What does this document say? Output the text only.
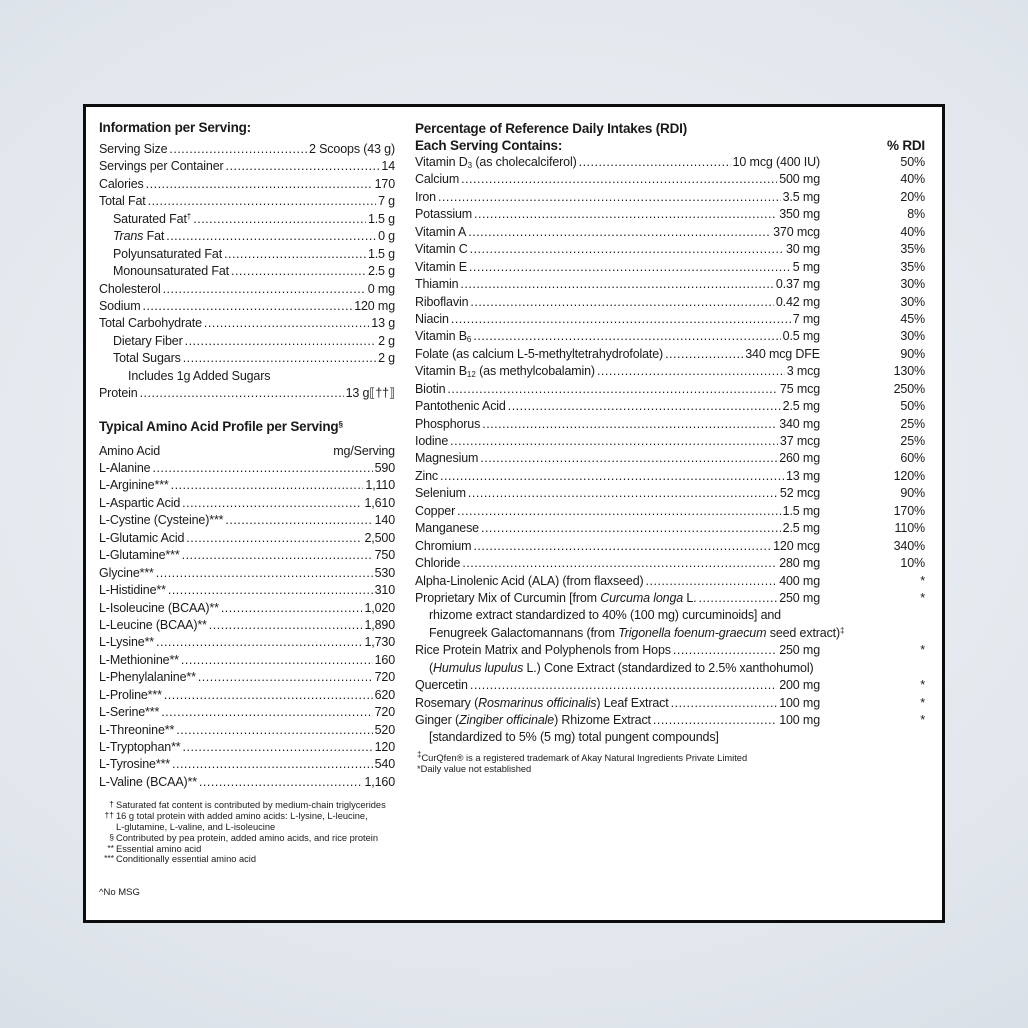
Information per Serving:
Serving Size .....	2 Scoops (43 g)
Servings per Container .....	14
Calories .....	170
Total Fat .....	7 g
Saturated Fat† .....	1.5 g
Trans Fat .....	0 g
Polyunsaturated Fat .....	1.5 g
Monounsaturated Fat .....	2.5 g
Cholesterol .....	0 mg
Sodium .....	120 mg
Total Carbohydrate .....	13 g
Dietary Fiber .....	2 g
Total Sugars .....	2 g
Includes 1g Added Sugars
Protein .....	13 g⟦††⟧
Typical Amino Acid Profile per Serving§
Amino Acid	mg/Serving
L-Alanine .....	590
L-Arginine*** .....	1,110
L-Aspartic Acid .....	1,610
L-Cystine (Cysteine)*** .....	140
L-Glutamic Acid .....	2,500
L-Glutamine*** .....	750
Glycine*** .....	530
L-Histidine** .....	310
L-Isoleucine (BCAA)** .....	1,020
L-Leucine (BCAA)** .....	1,890
L-Lysine** .....	1,730
L-Methionine** .....	160
L-Phenylalanine** .....	720
L-Proline*** .....	620
L-Serine*** .....	720
L-Threonine** .....	520
L-Tryptophan** .....	120
L-Tyrosine*** .....	540
L-Valine (BCAA)** .....	1,160
† Saturated fat content is contributed by medium-chain triglycerides
†† 16 g total protein with added amino acids: L-lysine, L-leucine,
L-glutamine, L-valine, and L-isoleucine
§ Contributed by pea protein, added amino acids, and rice protein
** Essential amino acid
*** Conditionally essential amino acid
^No MSG
Percentage of Reference Daily Intakes (RDI)
Each Serving Contains:	% RDI
Vitamin $D_3$ (as cholecalciferol) .....	10 mcg (400 IU)	50%
Calcium .....	500 mg	40%
Iron .....	3.5 mg	20%
Potassium .....	350 mg	8%
Vitamin A .....	370 mcg	40%
Vitamin C .....	30 mg	35%
Vitamin E .....	5 mg	35%
Thiamin .....	0.37 mg	30%
Riboflavin .....	0.42 mg	30%
Niacin .....	7 mg	45%
Vitamin $B_6$ .....	0.5 mg	30%
Folate (as calcium L-5-methyltetrahydrofolate) .....	340 mcg DFE	90%
Vitamin $B_{12}$ (as methylcobalamin) .....	3 mcg	130%
Biotin .....	75 mcg	250%
Pantothenic Acid .....	2.5 mg	50%
Phosphorus .....	340 mg	25%
Iodine .....	37 mcg	25%
Magnesium .....	260 mg	60%
Zinc .....	13 mg	120%
Selenium .....	52 mcg	90%
Copper .....	1.5 mg	170%
Manganese .....	2.5 mg	110%
Chromium .....	120 mcg	340%
Chloride .....	280 mg	10%
Alpha-Linolenic Acid (ALA) (from flaxseed) .....	400 mg	*
Proprietary Mix of Curcumin [from Curcuma longa L. .....	250 mg	*
rhizome extract standardized to 40% (100 mg) curcuminoids] and
Fenugreek Galactomannans (from Trigonella foenum-graecum seed extract)‡
Rice Protein Matrix and Polyphenols from Hops .....	250 mg	*
(Humulus lupulus L.) Cone Extract (standardized to 2.5% xanthohumol)
Quercetin .....	200 mg	*
Rosemary (Rosmarinus officinalis) Leaf Extract .....	100 mg	*
Ginger (Zingiber officinale) Rhizome Extract .....	100 mg	*
[standardized to 5% (5 mg) total pungent compounds]
‡CurQfen® is a registered trademark of Akay Natural Ingredients Private Limited
*Daily value not established
